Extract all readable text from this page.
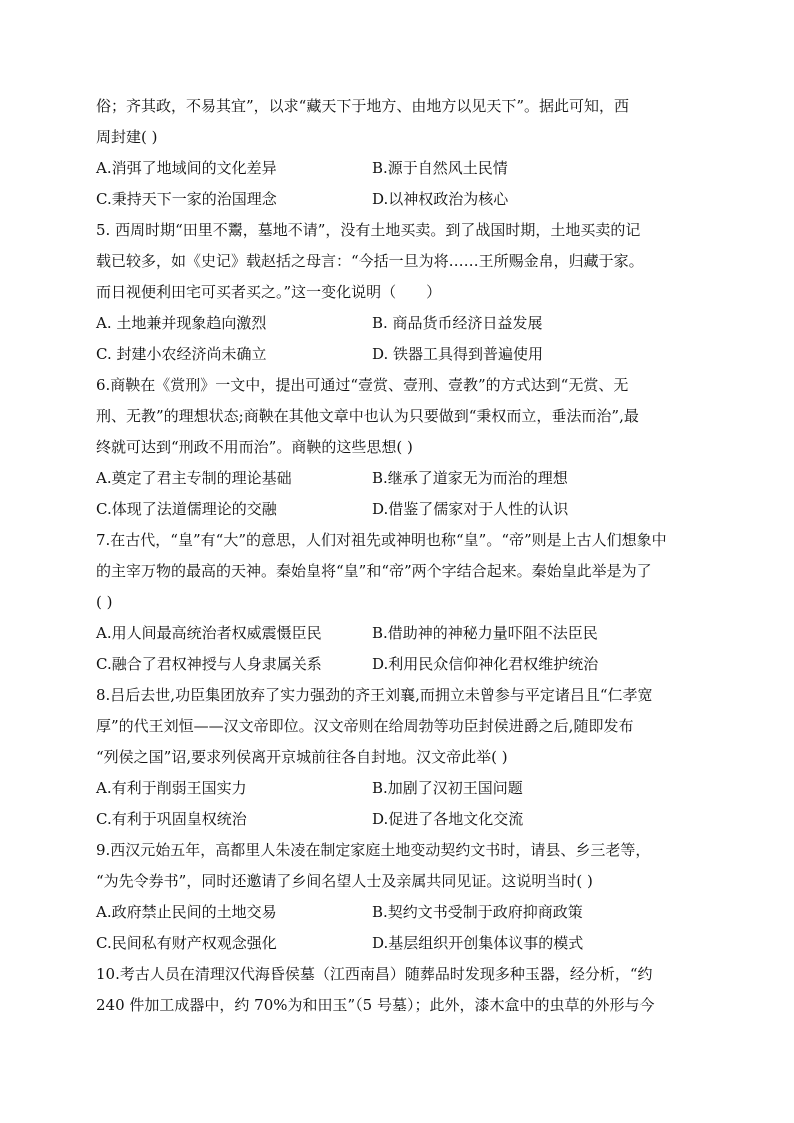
俗；齐其政，不易其宜”，以求“藏天下于地方、由地方以见天下”。据此可知，西
周封建( )
A.消弭了地域间的文化差异	B.源于自然风土民情
C.秉持天下一家的治国理念	D.以神权政治为核心
5. 西周时期“田里不鬻，墓地不请”，没有土地买卖。到了战国时期，土地买卖的记
载已较多，如《史记》载赵括之母言：“今括一旦为将……王所赐金帛，归藏于家。
而日视便利田宅可买者买之。”这一变化说明（　　）
A. 土地兼并现象趋向激烈	B. 商品货币经济日益发展
C. 封建小农经济尚未确立	D. 铁器工具得到普遍使用
6.商鞅在《赏刑》一文中，提出可通过“壹赏、壹刑、壹教”的方式达到“无赏、无
刑、无教”的理想状态;商鞅在其他文章中也认为只要做到“秉权而立，垂法而治”,最
终就可达到“刑政不用而治”。商鞅的这些思想( )
A.奠定了君主专制的理论基础	B.继承了道家无为而治的理想
C.体现了法道儒理论的交融	D.借鉴了儒家对于人性的认识
7.在古代，“皇”有“大”的意思，人们对祖先或神明也称“皇”。“帝”则是上古人们想象中
的主宰万物的最高的天神。秦始皇将“皇”和“帝”两个字结合起来。秦始皇此举是为了
( )
A.用人间最高统治者权威震慑臣民	B.借助神的神秘力量吓阻不法臣民
C.融合了君权神授与人身隶属关系	D.利用民众信仰神化君权维护统治
8.吕后去世,功臣集团放弃了实力强劲的齐王刘襄,而拥立未曾参与平定诸吕且“仁孝宽
厚”的代王刘恒——汉文帝即位。汉文帝则在给周勃等功臣封侯进爵之后,随即发布
“列侯之国”诏,要求列侯离开京城前往各自封地。汉文帝此举( )
A.有利于削弱王国实力	B.加剧了汉初王国问题
C.有利于巩固皇权统治	D.促进了各地文化交流
9.西汉元始五年，高都里人朱凌在制定家庭土地变动契约文书时，请县、乡三老等，
“为先令券书”，同时还邀请了乡间名望人士及亲属共同见证。这说明当时( )
A.政府禁止民间的土地交易	B.契约文书受制于政府抑商政策
C.民间私有财产权观念强化	D.基层组织开创集体议事的模式
10.考古人员在清理汉代海昏侯墓（江西南昌）随葬品时发现多种玉器，经分析，“约
240 件加工成器中，约 70%为和田玉”（5 号墓）；此外，漆木盒中的虫草的外形与今
